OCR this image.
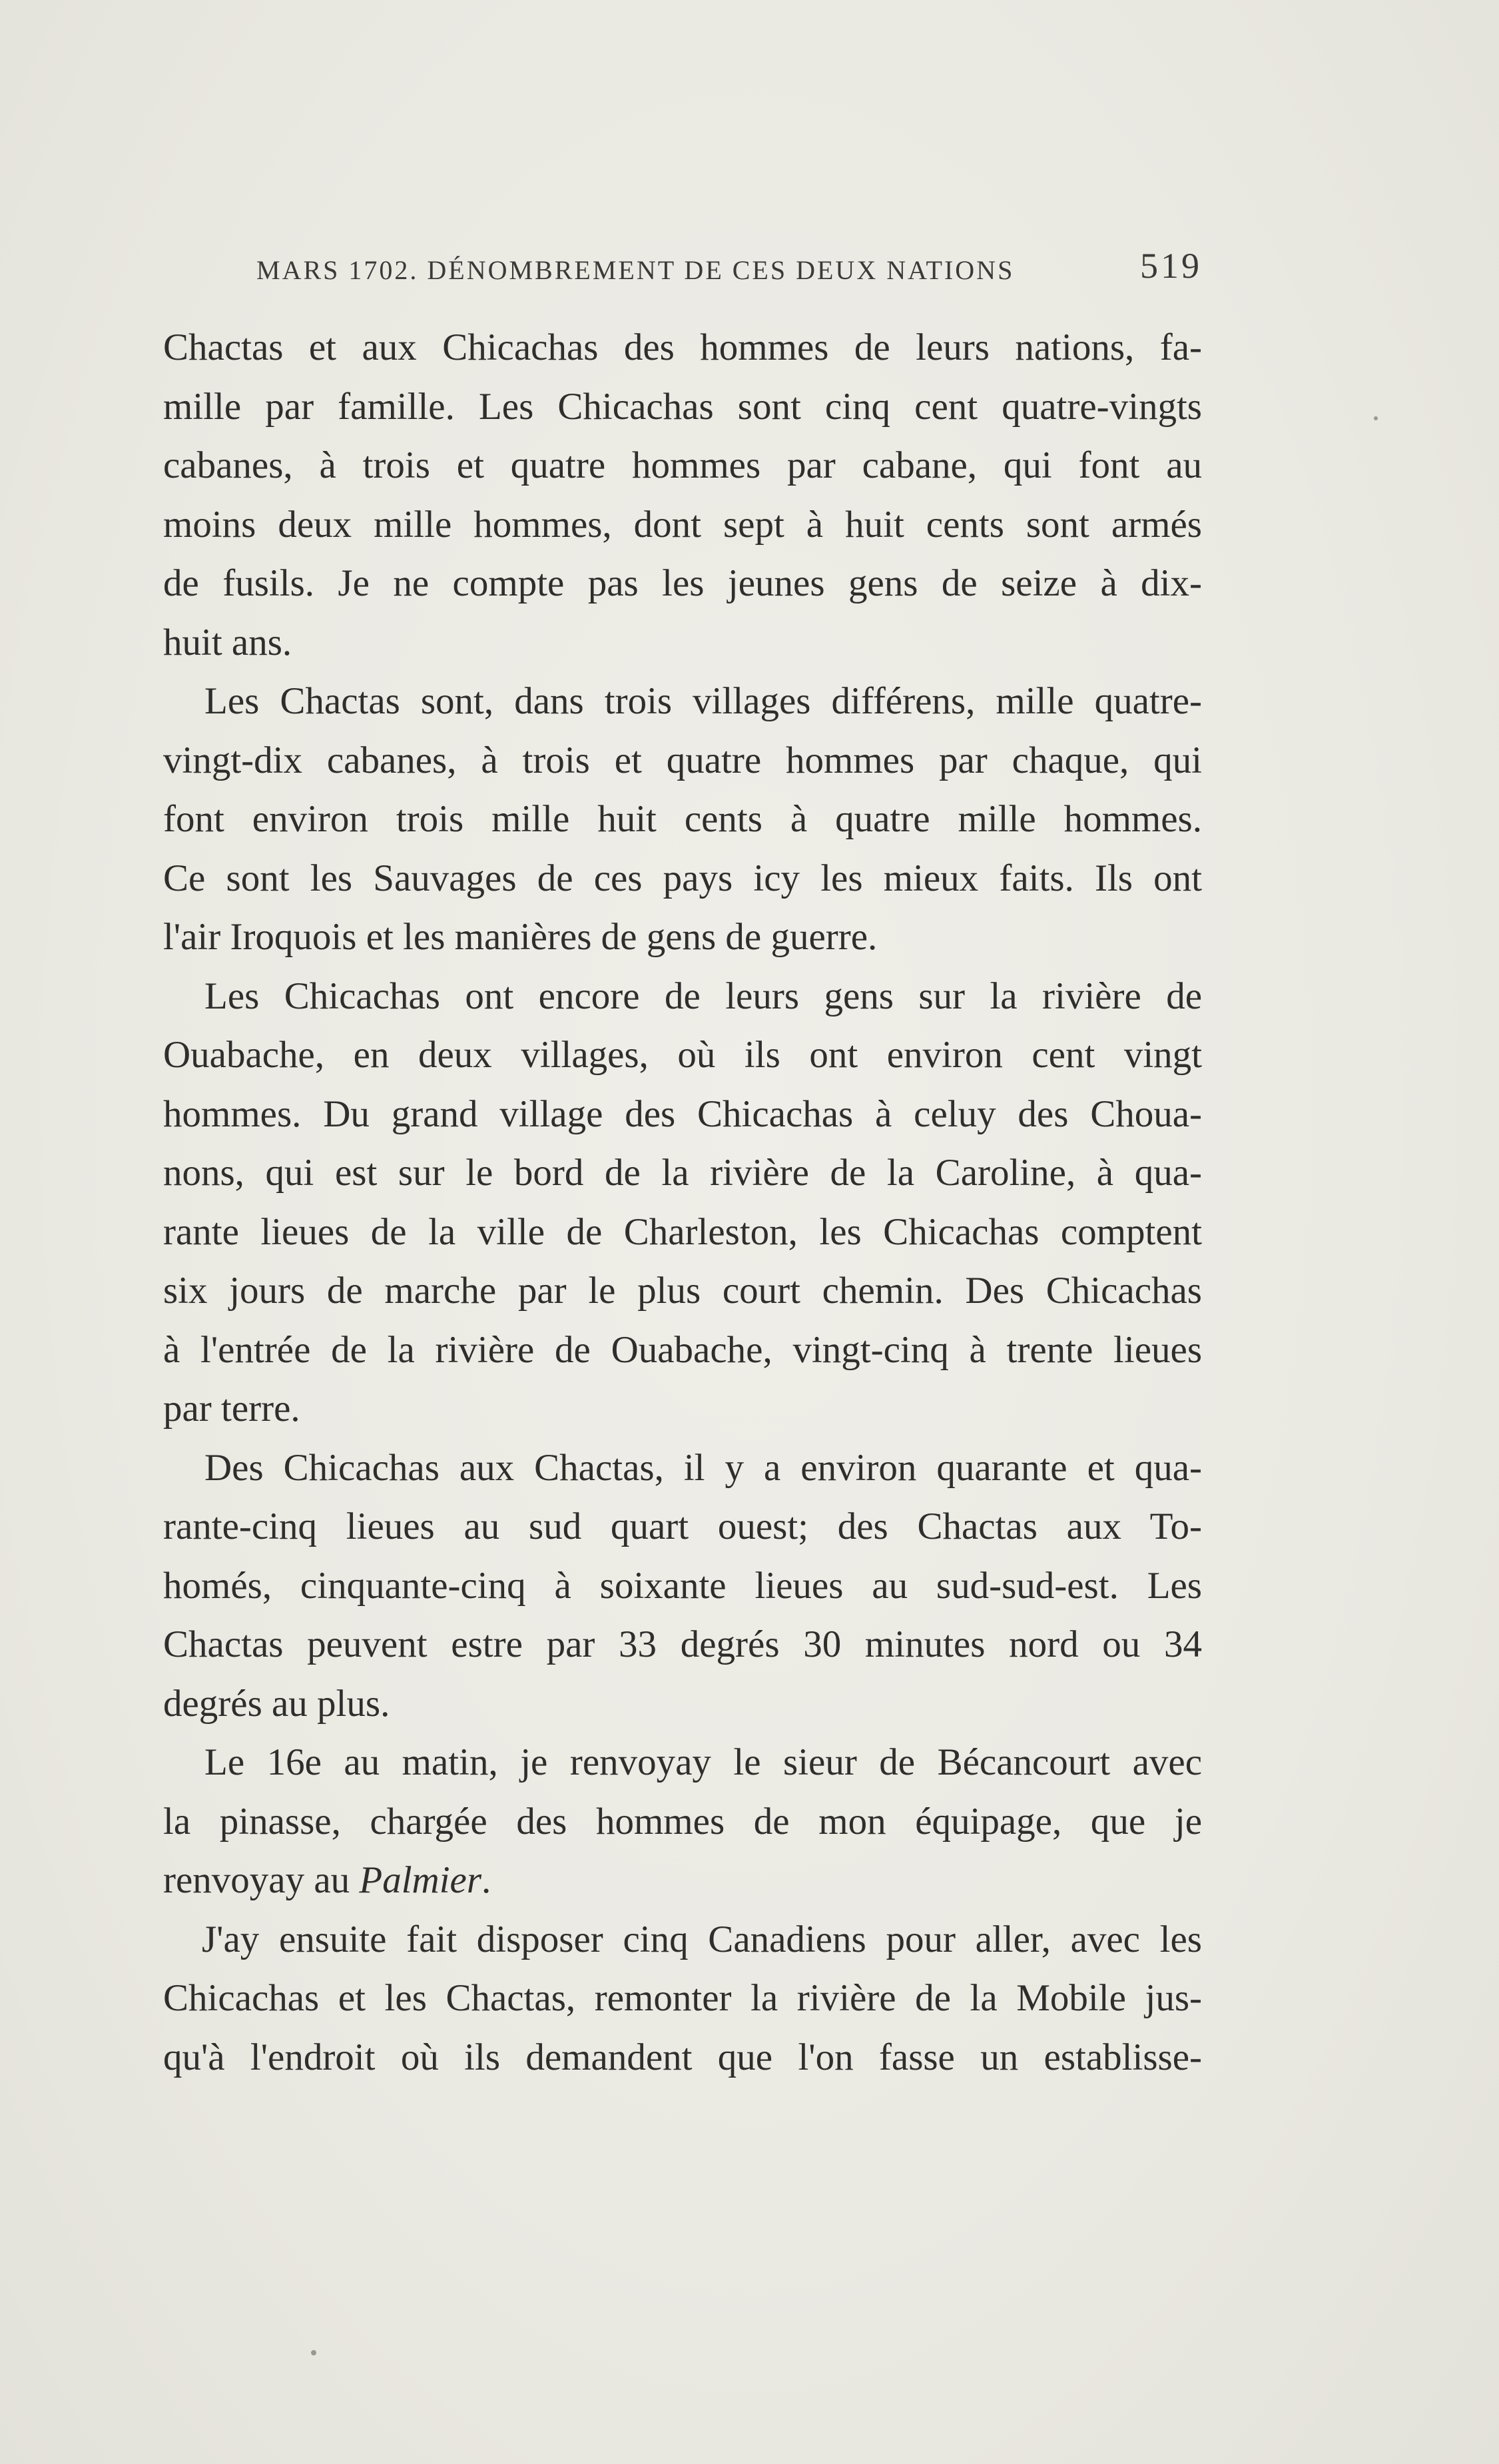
MARS 1702. DÉNOMBREMENT DE CES DEUX NATIONS	519
Chactas et aux Chicachas des hommes de leurs nations, fa-
mille par famille. Les Chicachas sont cinq cent quatre-vingts
cabanes, à trois et quatre hommes par cabane, qui font au
moins deux mille hommes, dont sept à huit cents sont armés
de fusils. Je ne compte pas les jeunes gens de seize à dix-
huit ans.
Les Chactas sont, dans trois villages différens, mille quatre-
vingt-dix cabanes, à trois et quatre hommes par chaque, qui
font environ trois mille huit cents à quatre mille hommes.
Ce sont les Sauvages de ces pays icy les mieux faits. Ils ont
l'air Iroquois et les manières de gens de guerre.
Les Chicachas ont encore de leurs gens sur la rivière de
Ouabache, en deux villages, où ils ont environ cent vingt
hommes. Du grand village des Chicachas à celuy des Choua-
nons, qui est sur le bord de la rivière de la Caroline, à qua-
rante lieues de la ville de Charleston, les Chicachas comptent
six jours de marche par le plus court chemin. Des Chicachas
à l'entrée de la rivière de Ouabache, vingt-cinq à trente lieues
par terre.
Des Chicachas aux Chactas, il y a environ quarante et qua-
rante-cinq lieues au sud quart ouest; des Chactas aux To-
homés, cinquante-cinq à soixante lieues au sud-sud-est. Les
Chactas peuvent estre par 33 degrés 30 minutes nord ou 34
degrés au plus.
Le 16e au matin, je renvoyay le sieur de Bécancourt avec
la pinasse, chargée des hommes de mon équipage, que je
renvoyay au Palmier.
J'ay ensuite fait disposer cinq Canadiens pour aller, avec les
Chicachas et les Chactas, remonter la rivière de la Mobile jus-
qu'à l'endroit où ils demandent que l'on fasse un establisse-
